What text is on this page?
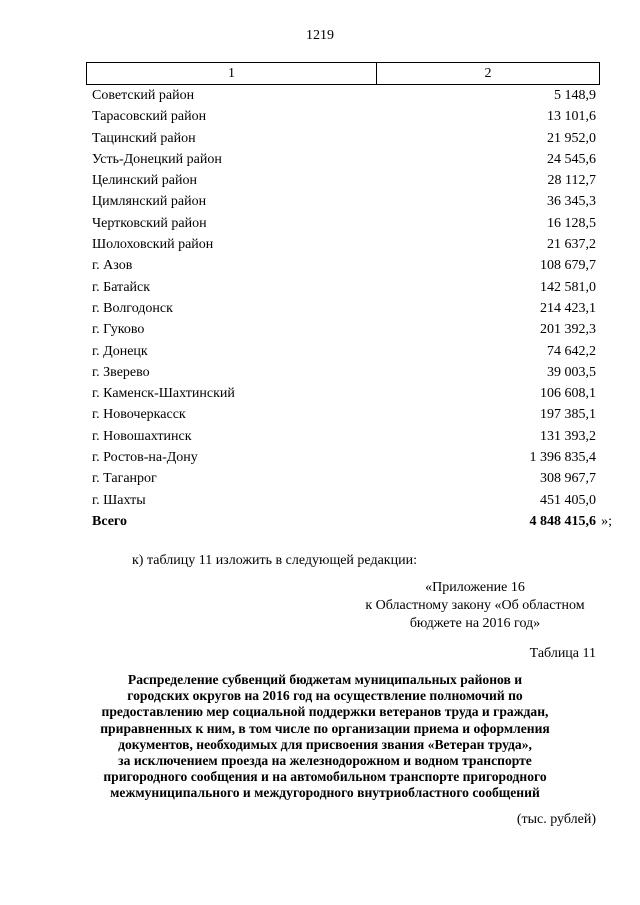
1219
1	2
Советский район	5 148,9
Тарасовский район	13 101,6
Тацинский район	21 952,0
Усть-Донецкий район	24 545,6
Целинский район	28 112,7
Цимлянский район	36 345,3
Чертковский район	16 128,5
Шолоховский район	21 637,2
г. Азов	108 679,7
г. Батайск	142 581,0
г. Волгодонск	214 423,1
г. Гуково	201 392,3
г. Донецк	74 642,2
г. Зверево	39 003,5
г. Каменск-Шахтинский	106 608,1
г. Новочеркасск	197 385,1
г. Новошахтинск	131 393,2
г. Ростов-на-Дону	1 396 835,4
г. Таганрог	308 967,7
г. Шахты	451 405,0
Всего	4 848 415,6 »;
к) таблицу 11 изложить в следующей редакции:
«Приложение 16
к Областному закону «Об областном
бюджете на 2016 год»
Таблица 11
Распределение субвенций бюджетам муниципальных районов и
городских округов на 2016 год на осуществление полномочий по
предоставлению мер социальной поддержки ветеранов труда и граждан,
приравненных к ним, в том числе по организации приема и оформления
документов, необходимых для присвоения звания «Ветеран труда»,
за исключением проезда на железнодорожном и водном транспорте
пригородного сообщения и на автомобильном транспорте пригородного
межмуниципального и междугородного внутриобластного сообщений
(тыс. рублей)
